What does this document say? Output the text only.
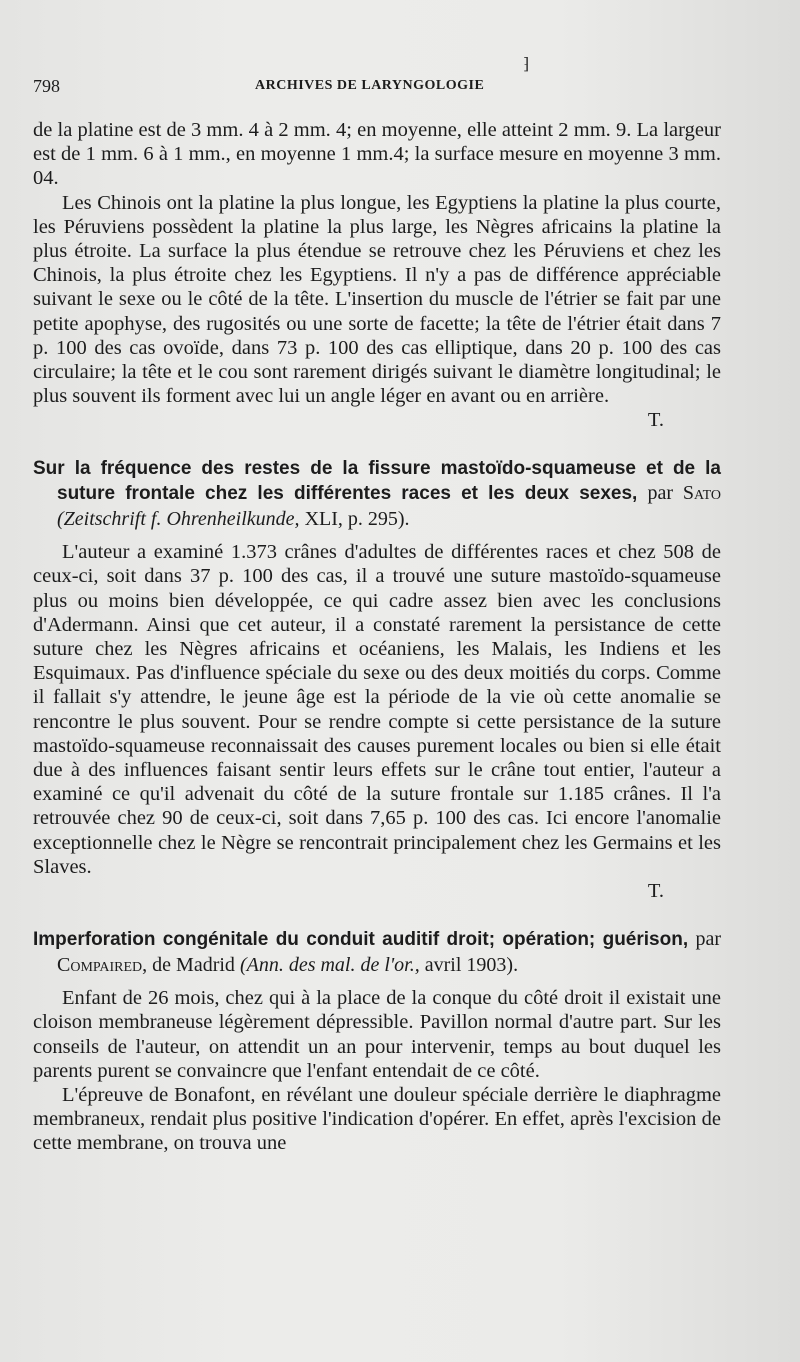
798	ARCHIVES DE LARYNGOLOGIE
⁆

de la platine est de 3 mm. 4 à 2 mm. 4; en moyenne, elle atteint 2 mm. 9. La largeur est de 1 mm. 6 à 1 mm., en moyenne 1 mm.4; la surface mesure en moyenne 3 mm. 04.

Les Chinois ont la platine la plus longue, les Egyptiens la platine la plus courte, les Péruviens possèdent la platine la plus large, les Nègres africains la platine la plus étroite. La surface la plus étendue se retrouve chez les Péruviens et chez les Chinois, la plus étroite chez les Egyptiens. Il n'y a pas de différence appréciable suivant le sexe ou le côté de la tête. L'insertion du muscle de l'étrier se fait par une petite apophyse, des rugosités ou une sorte de facette; la tête de l'étrier était dans 7 p. 100 des cas ovoïde, dans 73 p. 100 des cas elliptique, dans 20 p. 100 des cas circulaire; la tête et le cou sont rarement dirigés suivant le diamètre longitudinal; le plus souvent ils forment avec lui un angle léger en avant ou en arrière.

T.

Sur la fréquence des restes de la fissure mastoïdo-squameuse et de la suture frontale chez les différentes races et les deux sexes, par Sato (Zeitschrift f. Ohrenheilkunde, XLI, p. 295).

L'auteur a examiné 1.373 crânes d'adultes de différentes races et chez 508 de ceux-ci, soit dans 37 p. 100 des cas, il a trouvé une suture mastoïdo-squameuse plus ou moins bien développée, ce qui cadre assez bien avec les conclusions d'Adermann. Ainsi que cet auteur, il a constaté rarement la persistance de cette suture chez les Nègres africains et océaniens, les Malais, les Indiens et les Esquimaux. Pas d'influence spéciale du sexe ou des deux moitiés du corps. Comme il fallait s'y attendre, le jeune âge est la période de la vie où cette anomalie se rencontre le plus souvent. Pour se rendre compte si cette persistance de la suture mastoïdo-squameuse reconnaissait des causes purement locales ou bien si elle était due à des influences faisant sentir leurs effets sur le crâne tout entier, l'auteur a examiné ce qu'il advenait du côté de la suture frontale sur 1.185 crânes. Il l'a retrouvée chez 90 de ceux-ci, soit dans 7,65 p. 100 des cas. Ici encore l'anomalie exceptionnelle chez le Nègre se rencontrait principalement chez les Germains et les Slaves.

T.

Imperforation congénitale du conduit auditif droit; opération; guérison, par Compaired, de Madrid (Ann. des mal. de l'or., avril 1903).

Enfant de 26 mois, chez qui à la place de la conque du côté droit il existait une cloison membraneuse légèrement dépressible. Pavillon normal d'autre part. Sur les conseils de l'auteur, on attendit un an pour intervenir, temps au bout duquel les parents purent se convaincre que l'enfant entendait de ce côté.

L'épreuve de Bonafont, en révélant une douleur spéciale derrière le diaphragme membraneux, rendait plus positive l'indication d'opérer. En effet, après l'excision de cette membrane, on trouva une
